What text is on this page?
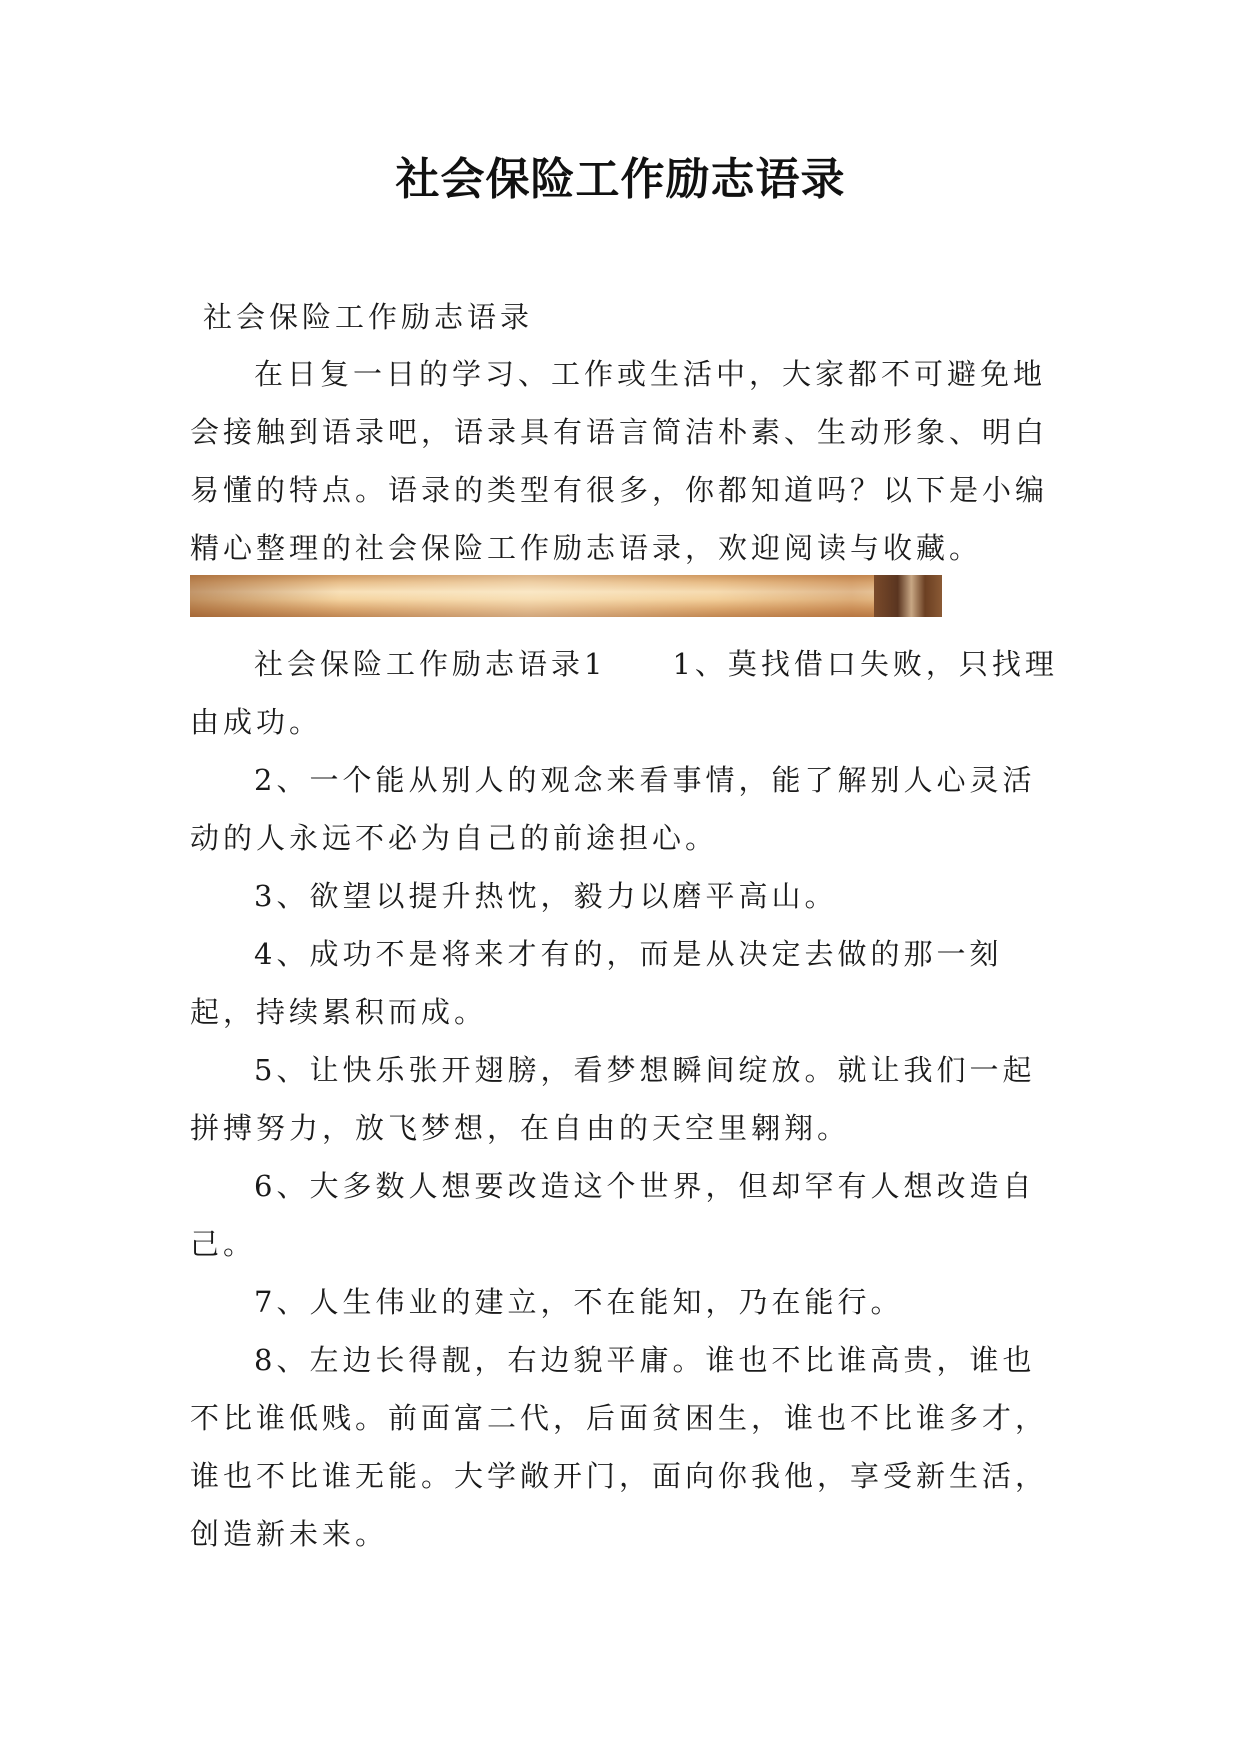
社会保险工作励志语录

社会保险工作励志语录

在日复一日的学习、工作或生活中，大家都不可避免地会接触到语录吧，语录具有语言简洁朴素、生动形象、明白易懂的特点。语录的类型有很多，你都知道吗？以下是小编精心整理的社会保险工作励志语录，欢迎阅读与收藏。

社会保险工作励志语录1　　1、莫找借口失败，只找理由成功。

2、一个能从别人的观念来看事情，能了解别人心灵活动的人永远不必为自己的前途担心。

3、欲望以提升热忱，毅力以磨平高山。

4、成功不是将来才有的，而是从决定去做的那一刻起，持续累积而成。

5、让快乐张开翅膀，看梦想瞬间绽放。就让我们一起拼搏努力，放飞梦想，在自由的天空里翱翔。

6、大多数人想要改造这个世界，但却罕有人想改造自己。

7、人生伟业的建立，不在能知，乃在能行。

8、左边长得靓，右边貌平庸。谁也不比谁高贵，谁也不比谁低贱。前面富二代，后面贫困生，谁也不比谁多才，谁也不比谁无能。大学敞开门，面向你我他，享受新生活，创造新未来。
